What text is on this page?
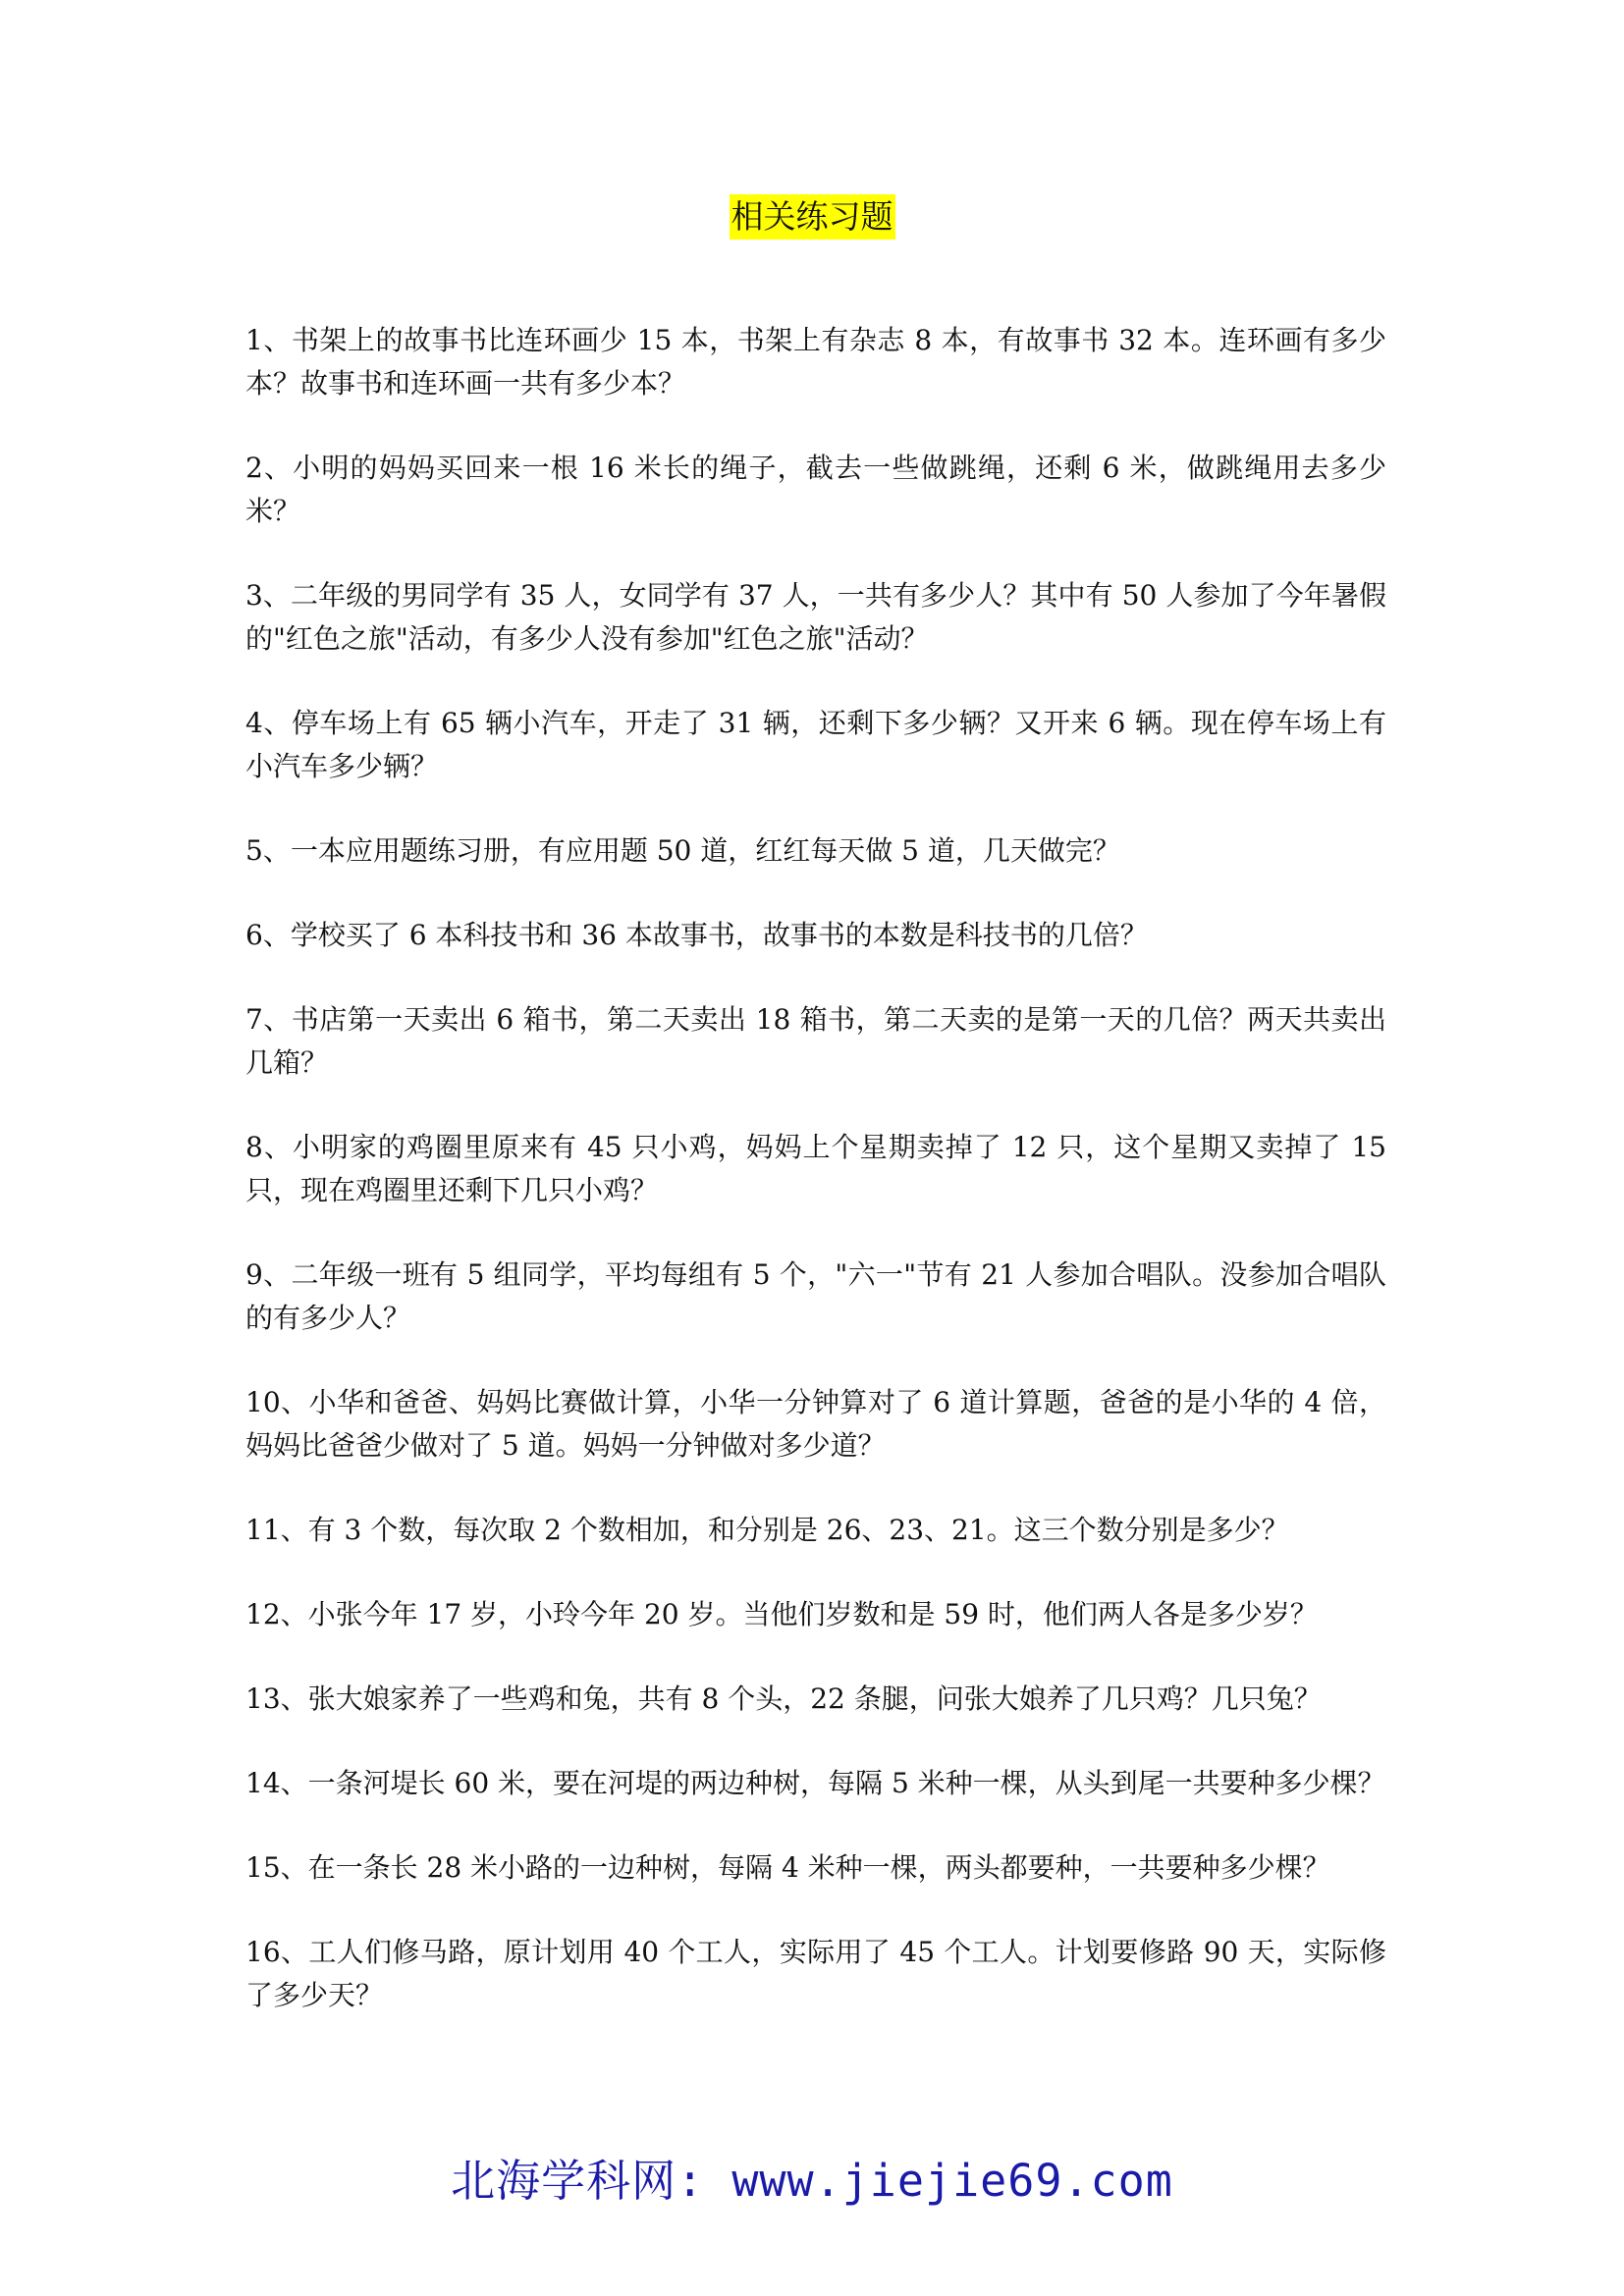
相关练习题
1、书架上的故事书比连环画少 15 本，书架上有杂志 8 本，有故事书 32 本。连环画有多少本？故事书和连环画一共有多少本？
2、小明的妈妈买回来一根 16 米长的绳子，截去一些做跳绳，还剩 6 米，做跳绳用去多少米？
3、二年级的男同学有 35 人，女同学有 37 人，一共有多少人？其中有 50 人参加了今年暑假的"红色之旅"活动，有多少人没有参加"红色之旅"活动？
4、停车场上有 65 辆小汽车，开走了 31 辆，还剩下多少辆？又开来 6 辆。现在停车场上有小汽车多少辆？
5、一本应用题练习册，有应用题 50 道，红红每天做 5 道，几天做完？
6、学校买了 6 本科技书和 36 本故事书，故事书的本数是科技书的几倍？
7、书店第一天卖出 6 箱书，第二天卖出 18 箱书，第二天卖的是第一天的几倍？两天共卖出几箱？
8、小明家的鸡圈里原来有 45 只小鸡，妈妈上个星期卖掉了 12 只，这个星期又卖掉了 15 只，现在鸡圈里还剩下几只小鸡？
9、二年级一班有 5 组同学，平均每组有 5 个，"六一"节有 21 人参加合唱队。没参加合唱队的有多少人？
10、小华和爸爸、妈妈比赛做计算，小华一分钟算对了 6 道计算题，爸爸的是小华的 4 倍，妈妈比爸爸少做对了 5 道。妈妈一分钟做对多少道？
11、有 3 个数，每次取 2 个数相加，和分别是 26、23、21。这三个数分别是多少？
12、小张今年 17 岁，小玲今年 20 岁。当他们岁数和是 59 时，他们两人各是多少岁？
13、张大娘家养了一些鸡和兔，共有 8 个头，22 条腿，问张大娘养了几只鸡？几只兔？
14、一条河堤长 60 米，要在河堤的两边种树，每隔 5 米种一棵，从头到尾一共要种多少棵？
15、在一条长 28 米小路的一边种树，每隔 4 米种一棵，两头都要种，一共要种多少棵？
16、工人们修马路，原计划用 40 个工人，实际用了 45 个工人。计划要修路 90 天，实际修了多少天？
北海学科网: www.jiejie69.com
